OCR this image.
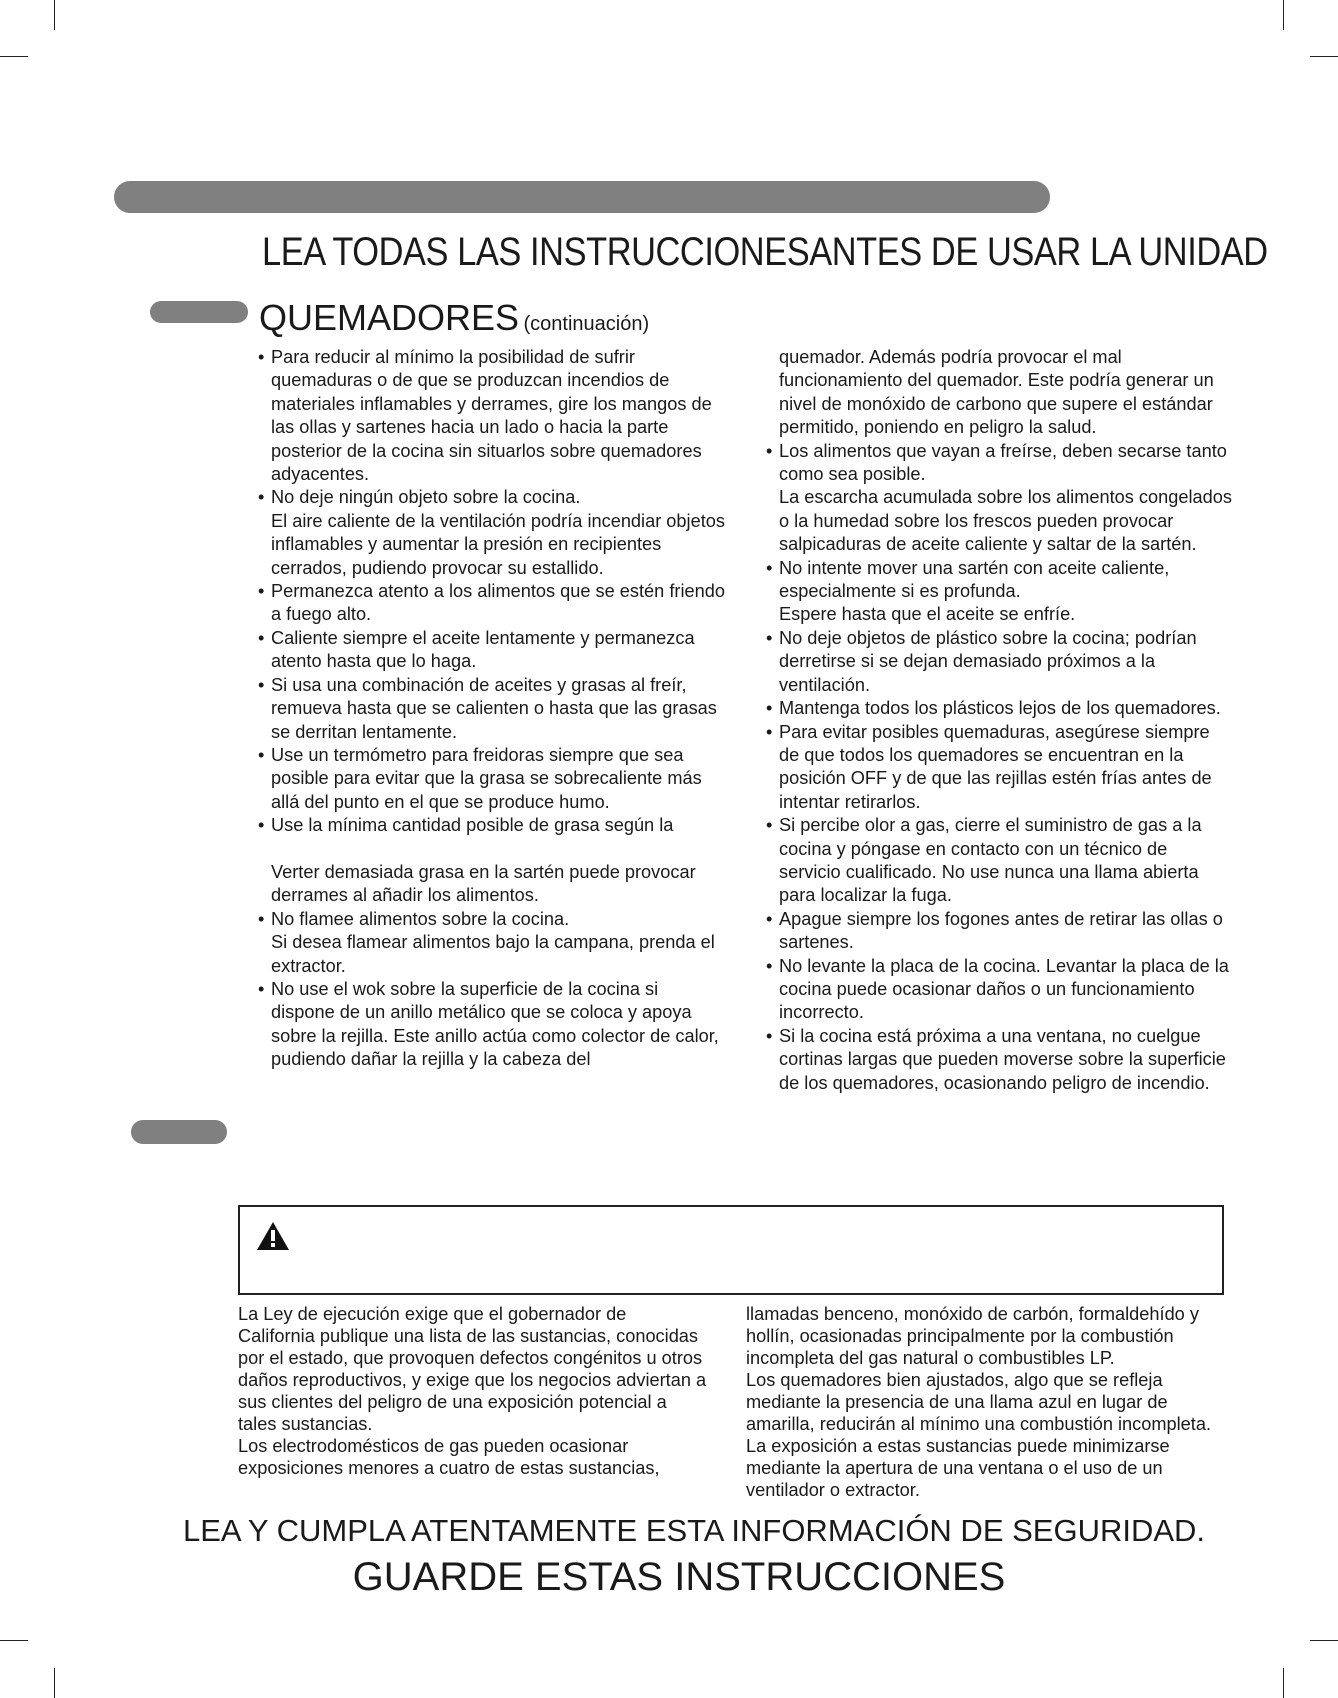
LEA TODAS LAS INSTRUCCIONESANTES DE USAR LA UNIDAD
QUEMADORES (continuación)

• Para reducir al mínimo la posibilidad de sufrir quemaduras o de que se produzcan incendios de materiales inflamables y derrames, gire los mangos de las ollas y sartenes hacia un lado o hacia la parte posterior de la cocina sin situarlos sobre quemadores adyacentes.

• No deje ningún objeto sobre la cocina.

El aire caliente de la ventilación podría incendiar objetos inflamables y aumentar la presión en recipientes cerrados, pudiendo provocar su estallido.

• Permanezca atento a los alimentos que se estén friendo a fuego alto.

• Caliente siempre el aceite lentamente y permanezca atento hasta que lo haga.

• Si usa una combinación de aceites y grasas al freír, remueva hasta que se calienten o hasta que las grasas se derritan lentamente.

• Use un termómetro para freidoras siempre que sea posible para evitar que la grasa se sobrecaliente más allá del punto en el que se produce humo.

• Use la mínima cantidad posible de grasa según la

Verter demasiada grasa en la sartén puede provocar derrames al añadir los alimentos.

• No flamee alimentos sobre la cocina.

Si desea flamear alimentos bajo la campana, prenda el extractor.

• No use el wok sobre la superficie de la cocina si dispone de un anillo metálico que se coloca y apoya sobre la rejilla. Este anillo actúa como colector de calor, pudiendo dañar la rejilla y la cabeza del

quemador. Además podría provocar el mal funcionamiento del quemador. Este podría generar un nivel de monóxido de carbono que supere el estándar permitido, poniendo en peligro la salud.

• Los alimentos que vayan a freírse, deben secarse tanto como sea posible.

La escarcha acumulada sobre los alimentos congelados o la humedad sobre los frescos pueden provocar salpicaduras de aceite caliente y saltar de la sartén.

• No intente mover una sartén con aceite caliente, especialmente si es profunda.

Espere hasta que el aceite se enfríe.

• No deje objetos de plástico sobre la cocina; podrían derretirse si se dejan demasiado próximos a la ventilación.

• Mantenga todos los plásticos lejos de los quemadores.

• Para evitar posibles quemaduras, asegúrese siempre de que todos los quemadores se encuentran en la posición OFF y de que las rejillas estén frías antes de intentar retirarlos.

• Si percibe olor a gas, cierre el suministro de gas a la cocina y póngase en contacto con un técnico de servicio cualificado. No use nunca una llama abierta para localizar la fuga.

• Apague siempre los fogones antes de retirar las ollas o sartenes.

• No levante la placa de la cocina. Levantar la placa de la cocina puede ocasionar daños o un funcionamiento incorrecto.

• Si la cocina está próxima a una ventana, no cuelgue cortinas largas que pueden moverse sobre la superficie de los quemadores, ocasionando peligro de incendio.

La Ley de ejecución exige que el gobernador de California publique una lista de las sustancias, conocidas por el estado, que provoquen defectos congénitos u otros daños reproductivos, y exige que los negocios adviertan a sus clientes del peligro de una exposición potencial a tales sustancias.

Los electrodomésticos de gas pueden ocasionar exposiciones menores a cuatro de estas sustancias,

llamadas benceno, monóxido de carbón, formaldehído y hollín, ocasionadas principalmente por la combustión incompleta del gas natural o combustibles LP.

Los quemadores bien ajustados, algo que se refleja mediante la presencia de una llama azul en lugar de amarilla, reducirán al mínimo una combustión incompleta.

La exposición a estas sustancias puede minimizarse mediante la apertura de una ventana o el uso de un ventilador o extractor.

LEA Y CUMPLA ATENTAMENTE ESTA INFORMACIÓN DE SEGURIDAD.
GUARDE ESTAS INSTRUCCIONES
